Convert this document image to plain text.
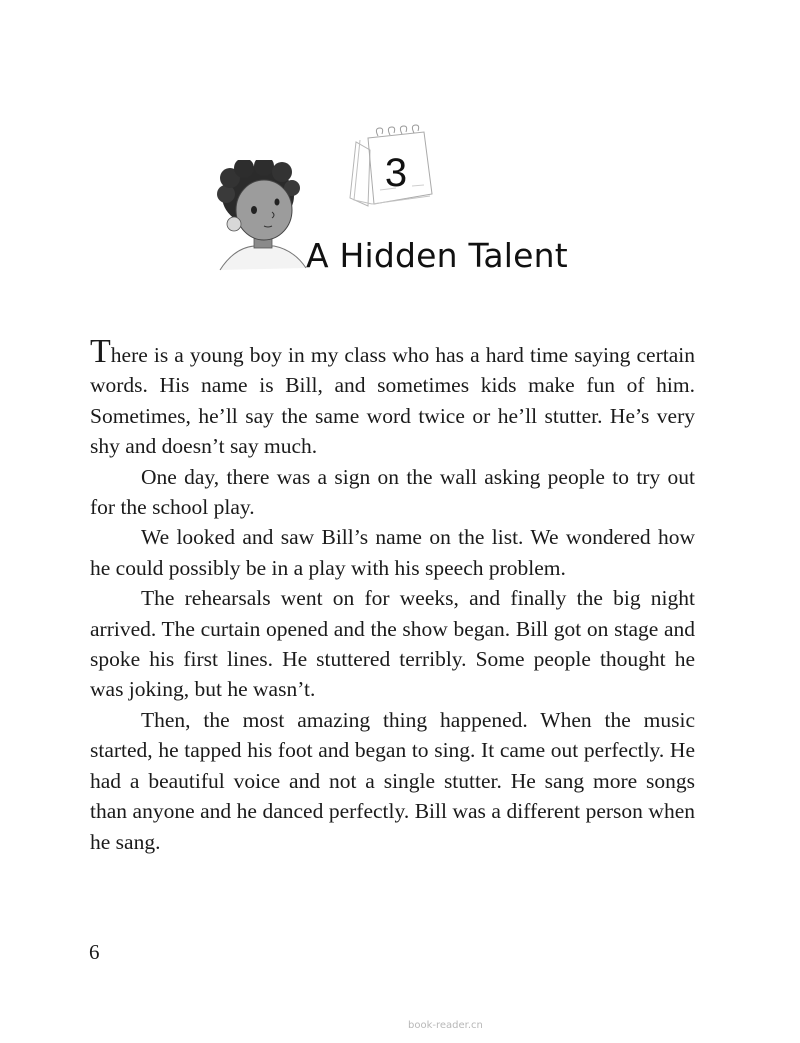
3
A Hidden Talent

There is a young boy in my class who has a hard time saying certain words. His name is Bill, and sometimes kids make fun of him. Sometimes, he’ll say the same word twice or he’ll stutter. He’s very shy and doesn’t say much.

One day, there was a sign on the wall asking people to try out for the school play.

We looked and saw Bill’s name on the list. We wondered how he could possibly be in a play with his speech problem.

The rehearsals went on for weeks, and finally the big night arrived. The curtain opened and the show began. Bill got on stage and spoke his first lines. He stuttered terribly. Some people thought he was joking, but he wasn’t.

Then, the most amazing thing happened. When the music started, he tapped his foot and began to sing. It came out perfectly. He had a beautiful voice and not a single stutter. He sang more songs than anyone and he danced perfectly. Bill was a different person when he sang.

6
book-reader.cn
